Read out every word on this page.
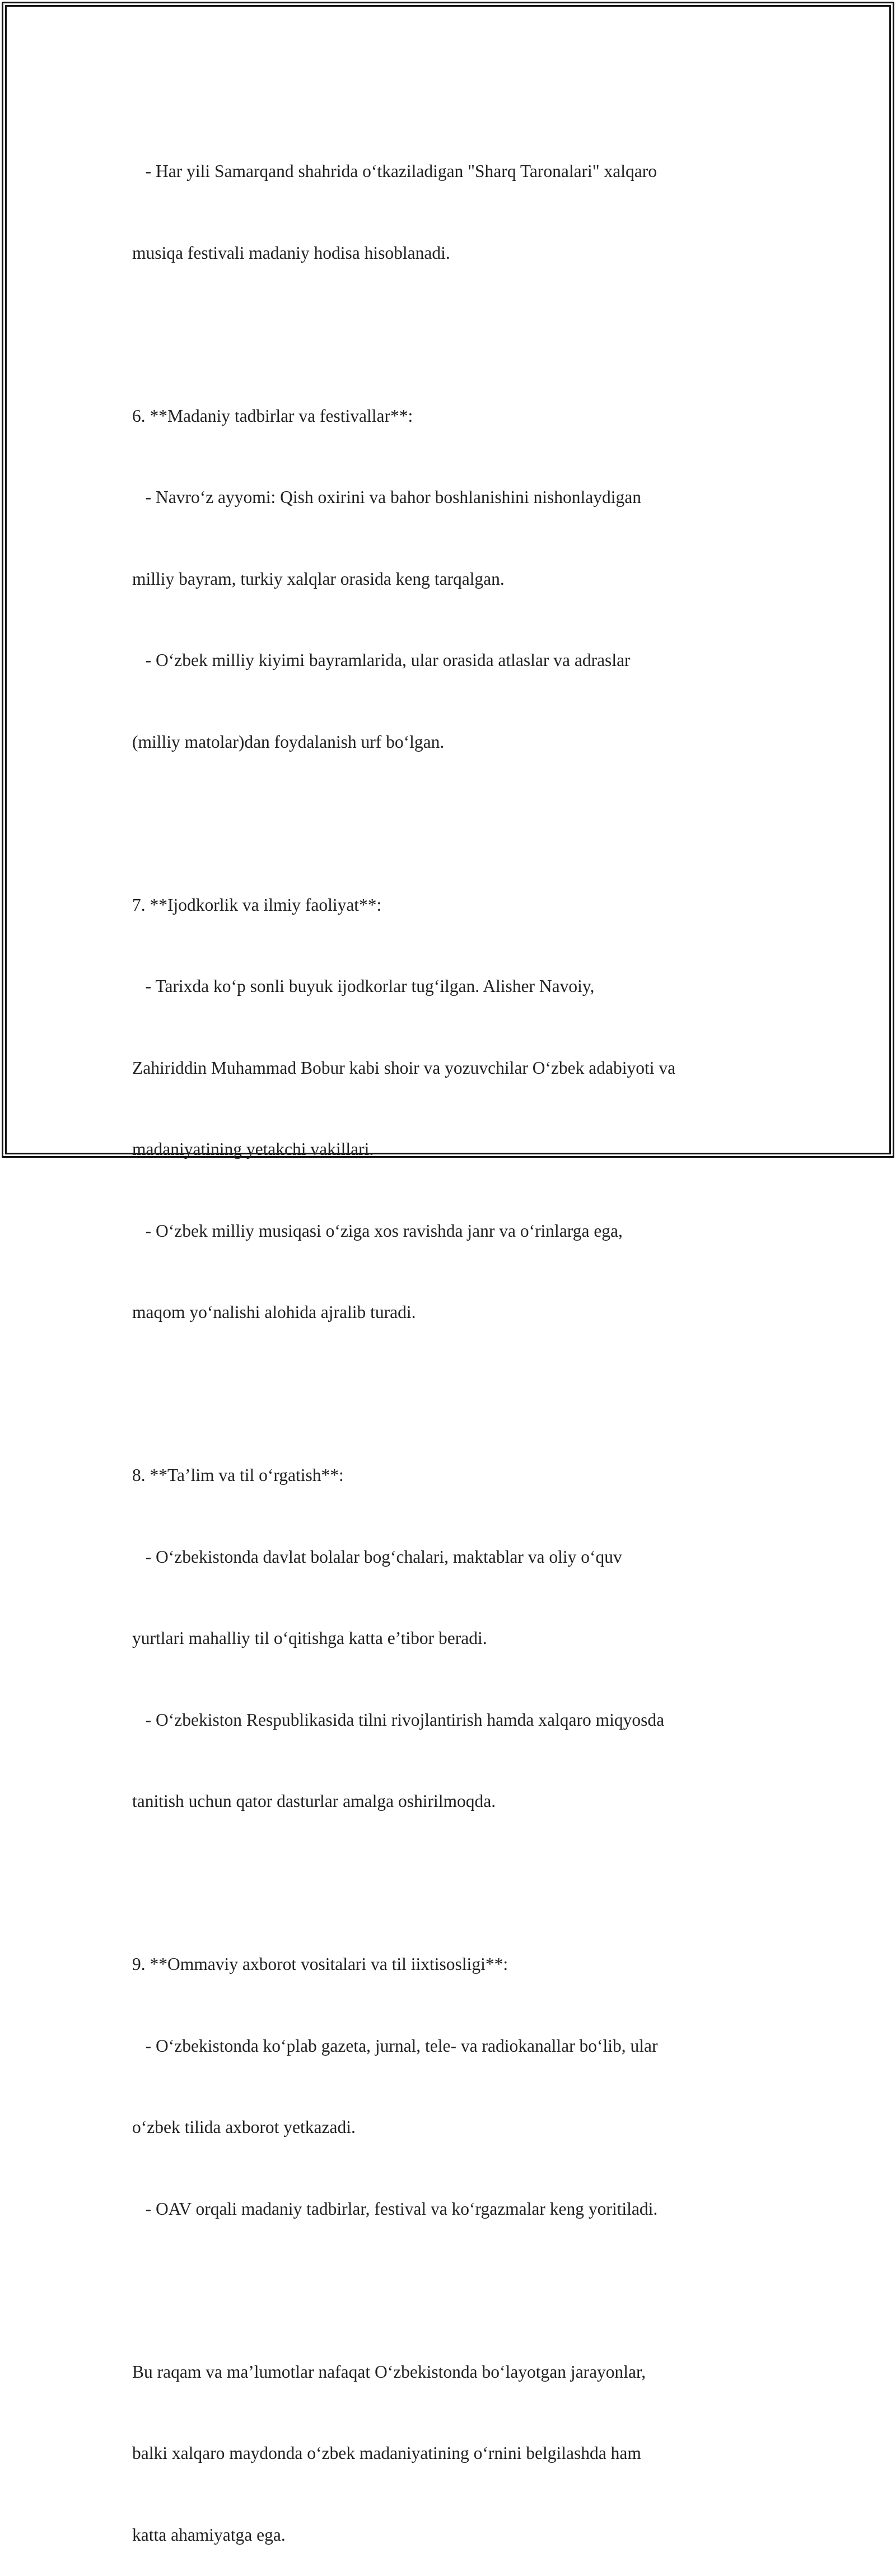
- Har yili Samarqand shahrida o‘tkaziladigan "Sharq Taronalari" xalqaro

musiqa festivali madaniy hodisa hisoblanadi.

6. **Madaniy tadbirlar va festivallar**:

- Navro‘z ayyomi: Qish oxirini va bahor boshlanishini nishonlaydigan

milliy bayram, turkiy xalqlar orasida keng tarqalgan.

- O‘zbek milliy kiyimi bayramlarida, ular orasida atlaslar va adraslar

(milliy matolar)dan foydalanish urf bo‘lgan.

7. **Ijodkorlik va ilmiy faoliyat**:

- Tarixda ko‘p sonli buyuk ijodkorlar tug‘ilgan. Alisher Navoiy,

Zahiriddin Muhammad Bobur kabi shoir va yozuvchilar O‘zbek adabiyoti va

madaniyatining yetakchi vakillari.

- O‘zbek milliy musiqasi o‘ziga xos ravishda janr va o‘rinlarga ega,

maqom yo‘nalishi alohida ajralib turadi.

8. **Ta’lim va til o‘rgatish**:

- O‘zbekistonda davlat bolalar bog‘chalari, maktablar va oliy o‘quv

yurtlari mahalliy til o‘qitishga katta e’tibor beradi.

- O‘zbekiston Respublikasida tilni rivojlantirish hamda xalqaro miqyosda

tanitish uchun qator dasturlar amalga oshirilmoqda.

9. **Ommaviy axborot vositalari va til iixtisosligi**:

- O‘zbekistonda ko‘plab gazeta, jurnal, tele- va radiokanallar bo‘lib, ular

o‘zbek tilida axborot yetkazadi.

- OAV orqali madaniy tadbirlar, festival va ko‘rgazmalar keng yoritiladi.

Bu raqam va ma’lumotlar nafaqat O‘zbekistonda bo‘layotgan jarayonlar,

balki xalqaro maydonda o‘zbek madaniyatining o‘rnini belgilashda ham

katta ahamiyatga ega.
